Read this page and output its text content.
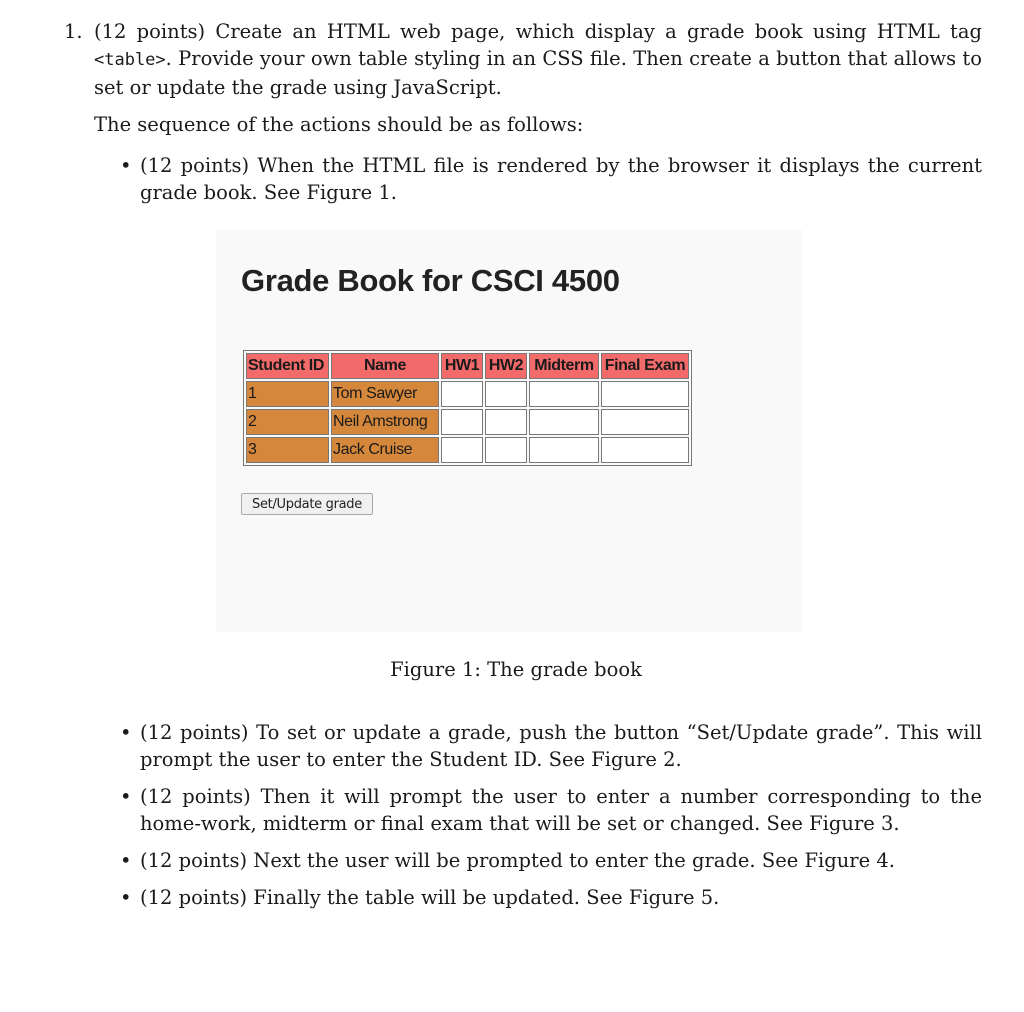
1. (12 points) Create an HTML web page, which display a grade book using HTML tag <table>. Provide your own table styling in an CSS file. Then create a button that allows to set or update the grade using JavaScript.

The sequence of the actions should be as follows:

• (12 points) When the HTML file is rendered by the browser it displays the current grade book. See Figure 1.
Grade Book for CSCI 4500
Student ID	Name	HW1	HW2	Midterm	Final Exam
1	Tom Sawyer				
2	Neil Amstrong				
3	Jack Cruise				
Set/Update grade
Figure 1: The grade book
• (12 points) To set or update a grade, push the button “Set/Update grade”. This will prompt the user to enter the Student ID. See Figure 2.
• (12 points) Then it will prompt the user to enter a number corresponding to the home-work, midterm or final exam that will be set or changed. See Figure 3.
• (12 points) Next the user will be prompted to enter the grade. See Figure 4.
• (12 points) Finally the table will be updated. See Figure 5.
